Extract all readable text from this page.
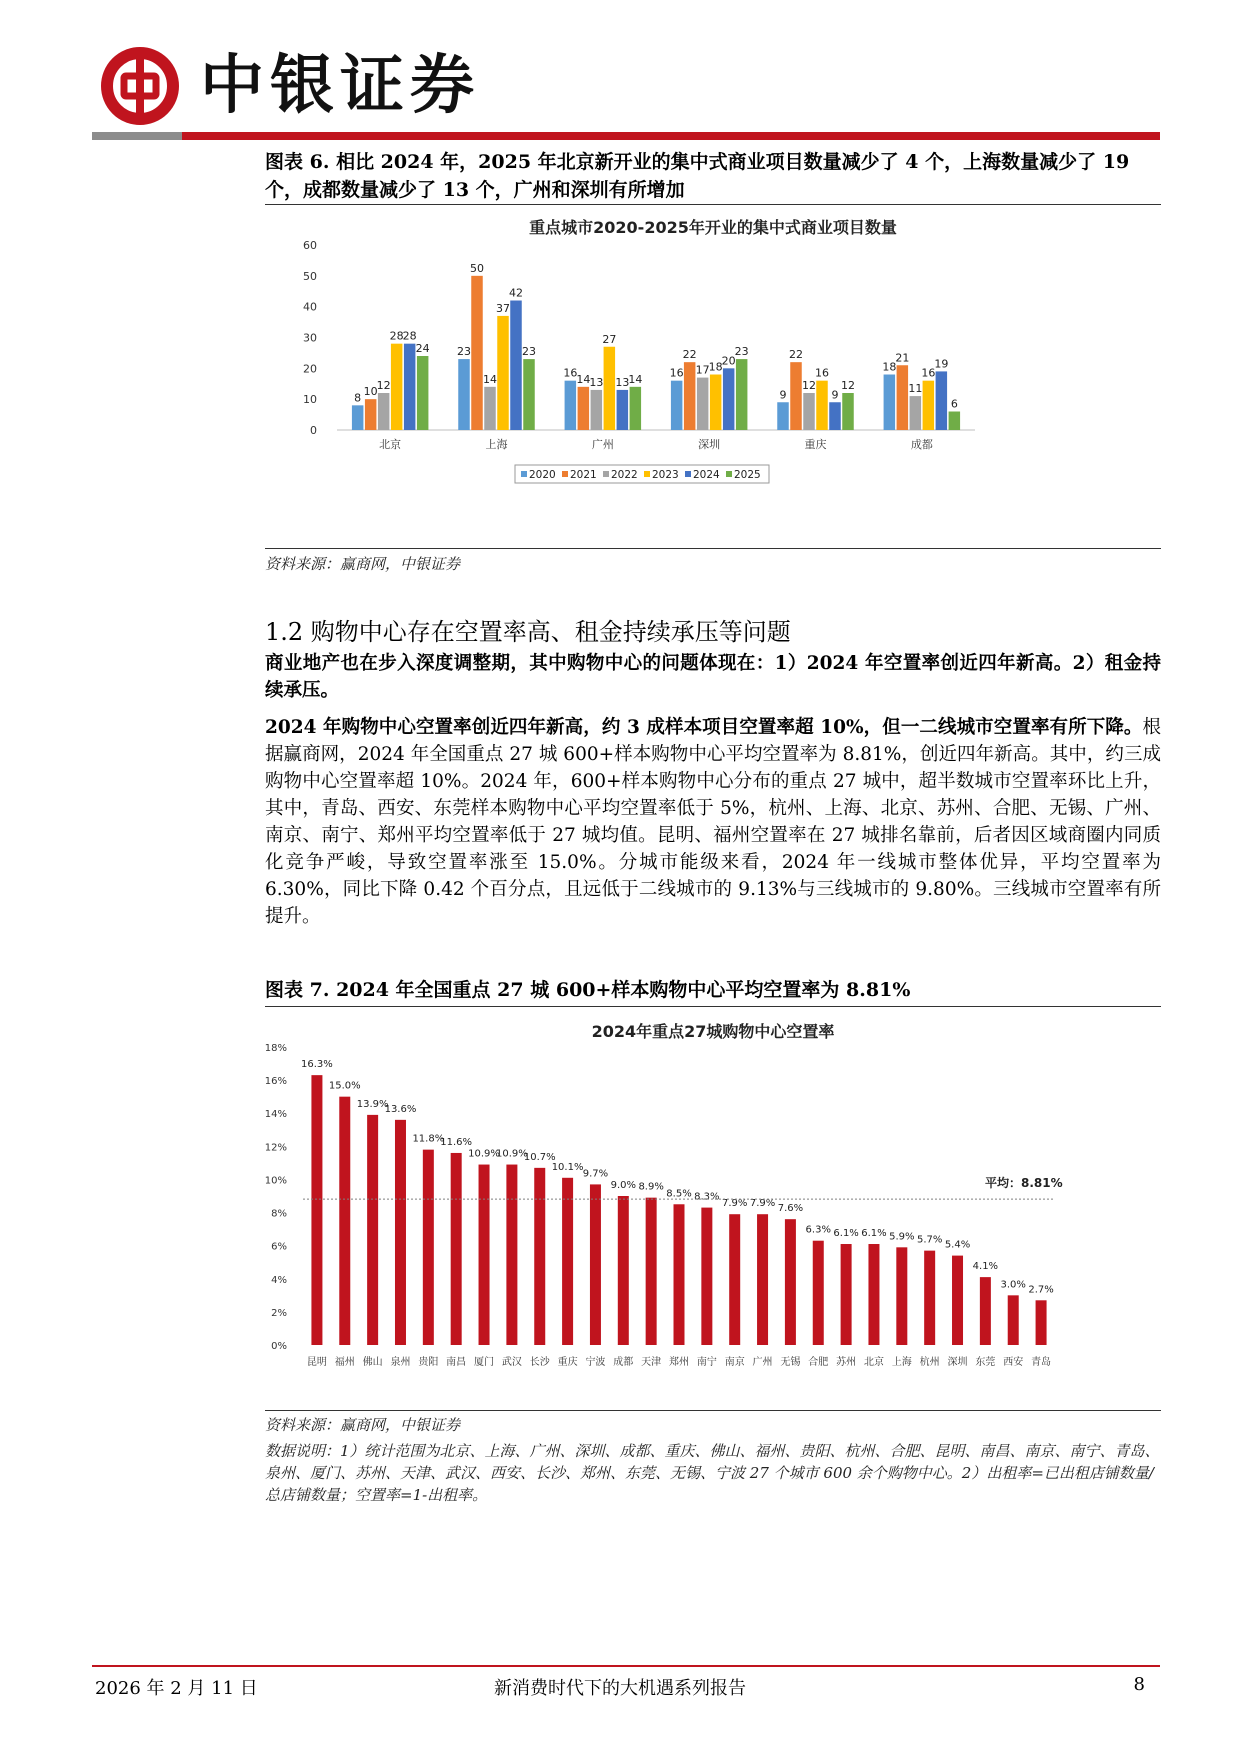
中银证券
图表 6. 相比 2024 年，2025 年北京新开业的集中式商业项目数量减少了 4 个，上海数量减少了 19
个，成都数量减少了 13 个，广州和深圳有所增加
重点城市2020-2025年开业的集中式商业项目数量
0
10
20
30
40
50
60
8 10 12
28 28
24
北京
23
50
14
37
42
23
上海
16 14 13
27
13 14
广州
16
22
17 18 20
23
深圳
9
22
12
16
9
12
重庆
18
21
11
16
19
6
成都
2020 2021 2022 2023 2024 2025
资料来源：赢商网，中银证券
1.2 购物中心存在空置率高、租金持续承压等问题
商业地产也在步入深度调整期，其中购物中心的问题体现在：1）2024 年空置率创近四年新高。2）租金持续承压。
2024 年购物中心空置率创近四年新高，约 3 成样本项目空置率超 10%，但一二线城市空置率有所下降。根据赢商网，2024 年全国重点 27 城 600+样本购物中心平均空置率为 8.81%，创近四年新高。其中，约三成购物中心空置率超 10%。2024 年，600+样本购物中心分布的重点 27 城中，超半数城市空置率环比上升，其中，青岛、西安、东莞样本购物中心平均空置率低于 5%，杭州、上海、北京、苏州、合肥、无锡、广州、南京、南宁、郑州平均空置率低于 27 城均值。昆明、福州空置率在 27 城排名靠前，后者因区域商圈内同质化竞争严峻，导致空置率涨至 15.0%。分城市能级来看，2024 年一线城市整体优异，平均空置率为 6.30%，同比下降 0.42 个百分点，且远低于二线城市的 9.13%与三线城市的 9.80%。三线城市空置率有所提升。
图表 7. 2024 年全国重点 27 城 600+样本购物中心平均空置率为 8.81%
2024年重点27城购物中心空置率
0%
2%
4%
6%
8%
10%
12%
14%
16%
18%
16.3%
昆明
15.0%
福州
13.9%
佛山
13.6%
泉州
11.8%
贵阳
11.6%
南昌
10.9%
厦门
10.9%
武汉
10.7%
长沙
10.1%
重庆
9.7%
宁波
9.0%
成都
8.9%
天津
8.5%
郑州
8.3%
南宁
7.9%
南京
7.9%
广州
7.6%
无锡
6.3%
合肥
6.1%
苏州
6.1%
北京
5.9%
上海
5.7%
杭州
5.4%
深圳
4.1%
东莞
3.0%
西安
2.7%
青岛
平均：8.81%
资料来源：赢商网，中银证券
数据说明：1）统计范围为北京、上海、广州、深圳、成都、重庆、佛山、福州、贵阳、杭州、合肥、昆明、南昌、南京、南宁、青岛、泉州、厦门、苏州、天津、武汉、西安、长沙、郑州、东莞、无锡、宁波 27 个城市 600 余个购物中心。2）出租率=已出租店铺数量/总店铺数量；空置率=1-出租率。
2026 年 2 月 11 日	新消费时代下的大机遇系列报告	8
